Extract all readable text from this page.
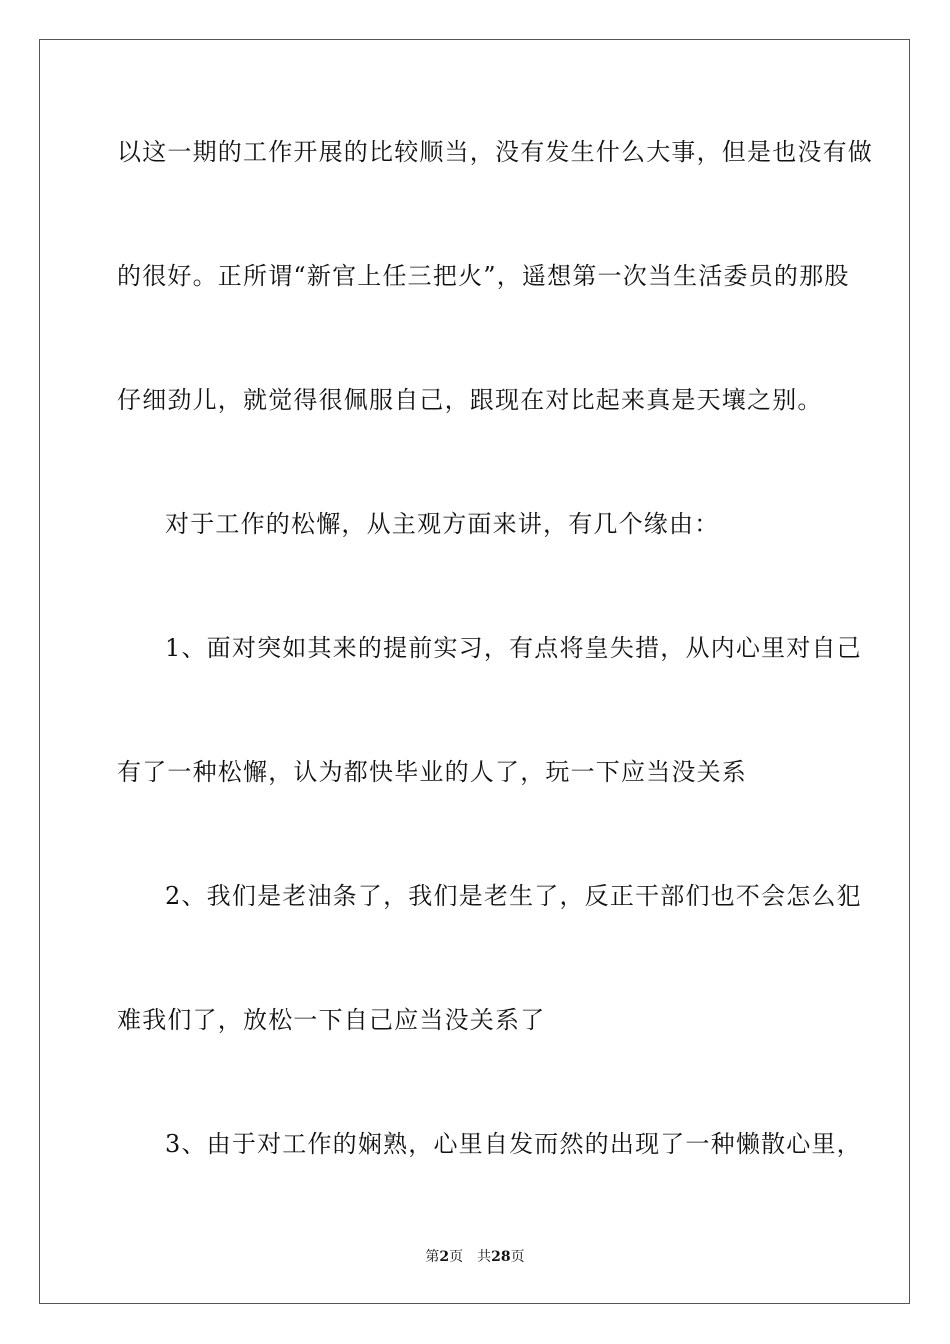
以这一期的工作开展的比较顺当，没有发生什么大事，但是也没有做
的很好。正所谓“新官上任三把火”，遥想第一次当生活委员的那股
仔细劲儿，就觉得很佩服自己，跟现在对比起来真是天壤之别。
对于工作的松懈，从主观方面来讲，有几个缘由：
1、面对突如其来的提前实习，有点将皇失措，从内心里对自己
有了一种松懈，认为都快毕业的人了，玩一下应当没关系
2、我们是老油条了，我们是老生了，反正干部们也不会怎么犯
难我们了，放松一下自己应当没关系了
3、由于对工作的娴熟，心里自发而然的出现了一种懒散心里，
第2页 共28页
